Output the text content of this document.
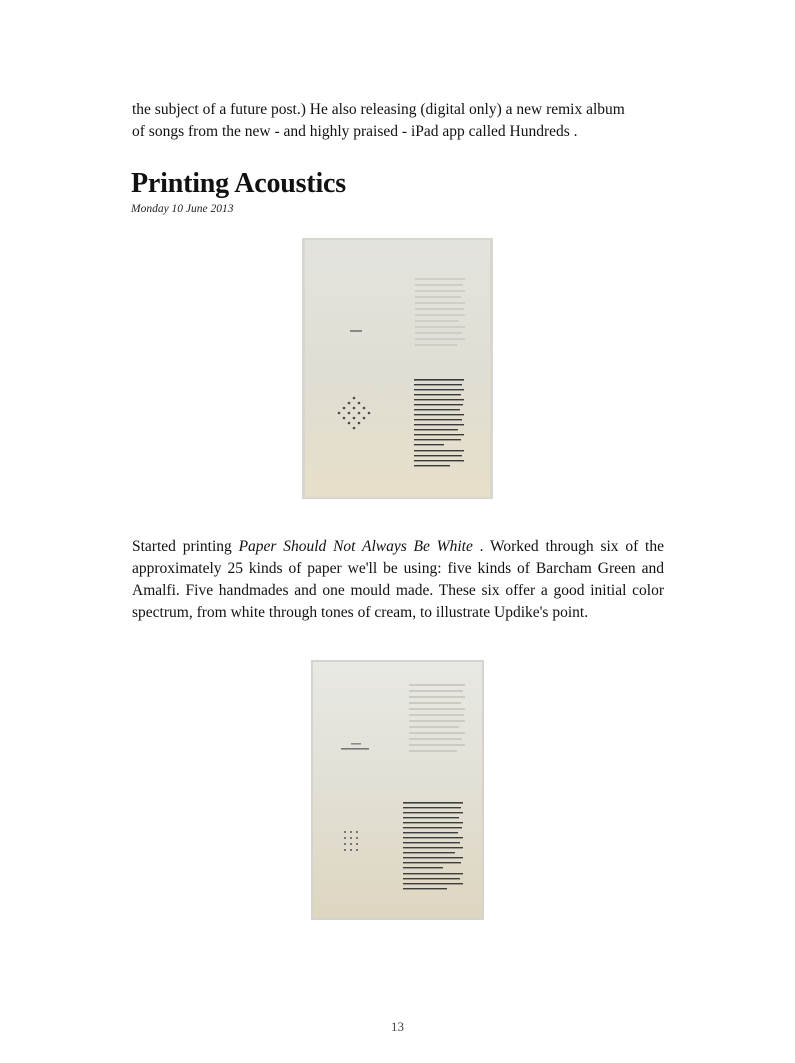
the subject of a future post.) He also releasing (digital only) a new remix album

of songs from the new - and highly praised - iPad app called Hundreds .

Printing Acoustics
Monday 10 June 2013

Started printing Paper Should Not Always Be White . Worked through six of the approximately 25 kinds of paper we'll be using: five kinds of Barcham Green and Amalfi. Five handmades and one mould made. These six offer a good initial color spectrum, from white through tones of cream, to illustrate Updike's point.

13
